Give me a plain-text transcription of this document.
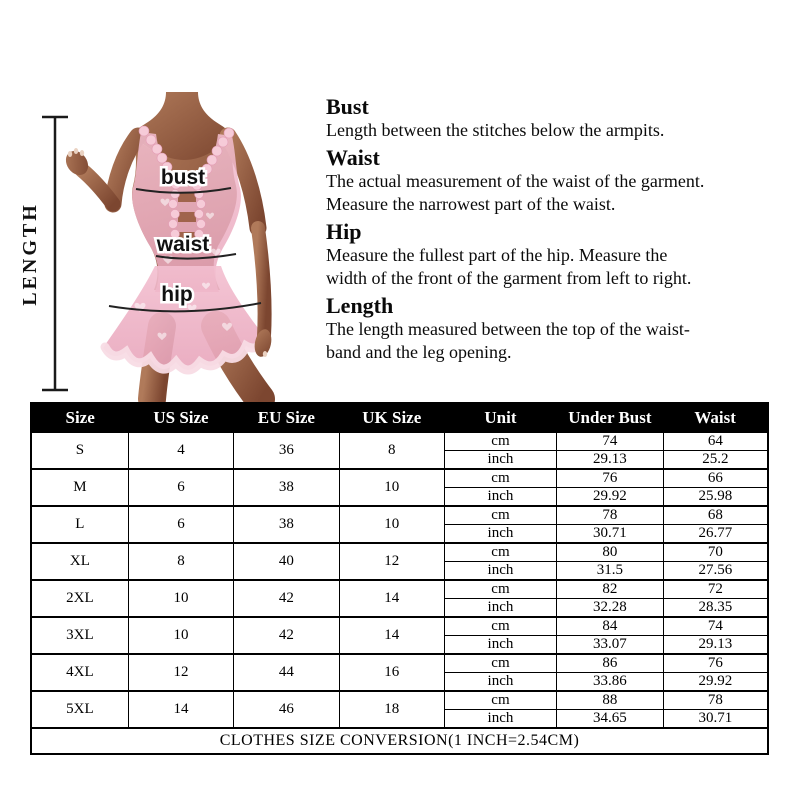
bust
waist
hip
LENGTH
Bust
Length between the stitches below the armpits.
Waist
The actual measurement of the waist of the garment.
Measure the narrowest part of the waist.
Hip
Measure the fullest part of the hip. Measure the
width of the front of the garment from left to right.
Length
The length measured between the top of the waist-
band and the leg opening.
Size	US Size	EU Size	UK Size	Unit	Under Bust	Waist
S	4	36	8	cm	74	64
				inch	29.13	25.2
M	6	38	10	cm	76	66
				inch	29.92	25.98
L	6	38	10	cm	78	68
				inch	30.71	26.77
XL	8	40	12	cm	80	70
				inch	31.5	27.56
2XL	10	42	14	cm	82	72
				inch	32.28	28.35
3XL	10	42	14	cm	84	74
				inch	33.07	29.13
4XL	12	44	16	cm	86	76
				inch	33.86	29.92
5XL	14	46	18	cm	88	78
				inch	34.65	30.71
CLOTHES SIZE CONVERSION(1 INCH=2.54CM)						
